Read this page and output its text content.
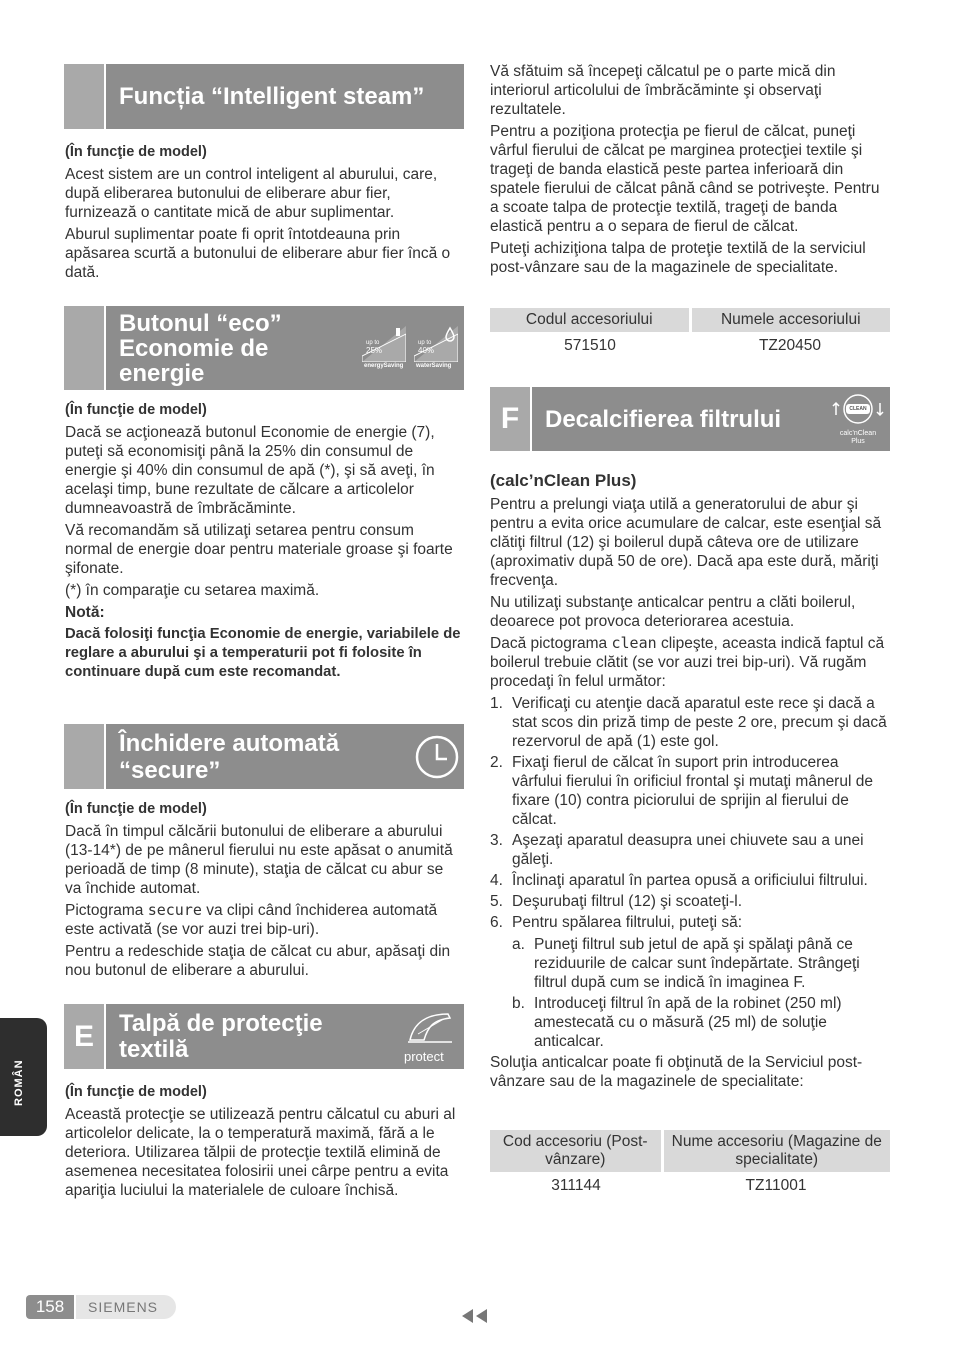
Funcția “Intelligent steam”

(În funcţie de model)

Acest sistem are un control inteligent al aburului, care, după eliberarea butonului de eliberare abur fier, furnizează o cantitate mică de abur suplimentar.

Aburul suplimentar poate fi oprit întotdeauna prin apăsarea scurtă a butonului de eliberare abur fier încă o dată.

Butonul “eco”
Economie de
energie
up to
25%
energySaving
up to
40%
waterSaving

(În funcţie de model)

Dacă se acţionează butonul Economie de energie (7), puteţi să economisiţi până la 25% din consumul de energie şi 40% din consumul de apă (*), şi să aveţi, în acelaşi timp, bune rezultate de călcare a articolelor dumneavoastră de îmbrăcăminte.

Vă recomandăm să utilizaţi setarea pentru consum normal de energie doar pentru materiale groase şi foarte şifonate.

(*) în comparaţie cu setarea maximă.

Notă:

Dacă folosiţi funcţia Economie de energie, variabilele de reglare a aburului şi a temperaturii pot fi folosite în continuare după cum este recomandat.

Închidere automată
“secure”

(În funcţie de model)

Dacă în timpul călcării butonului de eliberare a aburului (13-14*) de pe mânerul fierului nu este apăsat o anumită perioadă de timp (8 minute), staţia de călcat cu abur se va închide automat.

Pictograma secure va clipi când închiderea automată este activată (se vor auzi trei bip-uri).

Pentru a redeschide staţia de călcat cu abur, apăsaţi din nou butonul de eliberare a aburului.

E	Talpă de protecţie
textilă	protect

(În funcţie de model)

Această protecţie se utilizează pentru călcatul cu aburi al articolelor delicate, la o temperatură maximă, fără a le deteriora. Utilizarea tălpii de protecţie textilă elimină de asemenea necesitatea folosirii unei cârpe pentru a evita apariţia luciului la materialele de culoare închisă.

Vă sfătuim să începeţi călcatul pe o parte mică din interiorul articolului de îmbrăcăminte şi observaţi rezultatele.

Pentru a poziţiona protecţia pe fierul de călcat, puneţi vârful fierului de călcat pe marginea protecţiei textile şi trageţi de banda elastică peste partea inferioară din spatele fierului de călcat până când se potriveşte. Pentru a scoate talpa de protecţie textilă, trageţi de banda elastică pentru a o separa de fierul de călcat.

Puteţi achiziţiona talpa de proteţie textilă de la serviciul post-vânzare sau de la magazinele de specialitate.

Codul accesoriului	Numele accesoriului
571510	TZ20450
F	Decalcifierea filtrului	CLEAN
calc’nClean
Plus

(calc’nClean Plus)

Pentru a prelungi viaţa utilă a generatorului de abur şi pentru a evita orice acumulare de calcar, este esenţial să clătiţi filtrul (12) şi boilerul după câteva ore de utilizare (aproximativ după 50 de ore). Dacă apa este dură, măriţi frecvenţa.

Nu utilizaţi substanţe anticalcar pentru a clăti boilerul, deoarece pot provoca deteriorarea acestuia.

Dacă pictograma clean clipeşte, aceasta indică faptul că boilerul trebuie clătit (se vor auzi trei bip-uri). Vă rugăm procedaţi în felul următor:

1. Verificaţi cu atenţie dacă aparatul este rece şi dacă a stat scos din priză timp de peste 2 ore, precum şi dacă rezervorul de apă (1) este gol.
2. Fixaţi fierul de călcat în suport prin introducerea vârfului fierului în orificiul frontal şi mutaţi mânerul de fixare (10) contra piciorului de sprijin al fierului de călcat.
3. Aşezaţi aparatul deasupra unei chiuvete sau a unei găleţi.
4. Înclinaţi aparatul în partea opusă a orificiului filtrului.
5. Deşurubaţi filtrul (12) şi scoateţi-l.
6. Pentru spălarea filtrului, puteţi să:
a. Puneţi filtrul sub jetul de apă şi spălaţi până ce reziduurile de calcar sunt îndepărtate. Strângeţi filtrul după cum se indică în imaginea F.
b. Introduceţi filtrul în apă de la robinet (250 ml) amestecată cu o măsură (25 ml) de soluţie anticalcar.

Soluţia anticalcar poate fi obţinută de la Serviciul post-vânzare sau de la magazinele de specialitate:

Cod accesoriu (Post-vânzare)	Nume accesoriu (Magazine de specialitate)
311144	TZ11001
ROMÂN
158	SIEMENS
